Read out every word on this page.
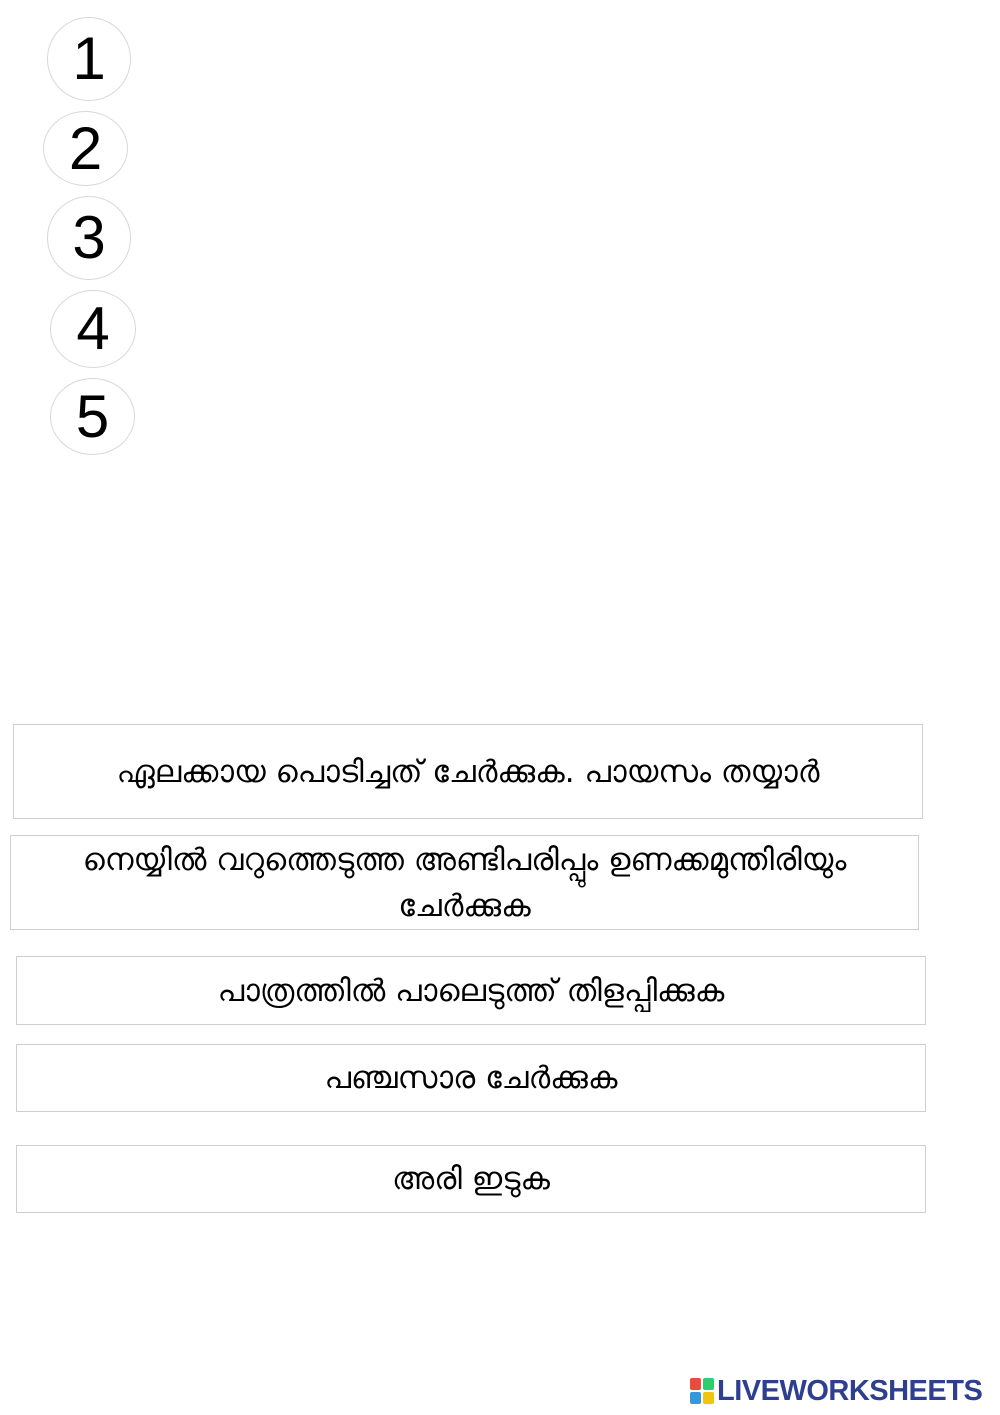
1
2
3
4
5
ഏലക്കായ പൊടിച്ചത് ചേർക്കുക. പായസം തയ്യാർ
നെയ്യിൽ വറുത്തെടുത്ത അണ്ടിപരിപ്പും ഉണക്കമുന്തിരിയും ചേർക്കുക
പാത്രത്തിൽ പാലെടുത്ത് തിളപ്പിക്കുക
പഞ്ചസാര ചേർക്കുക
അരി ഇടുക
LIVEWORKSHEETS
